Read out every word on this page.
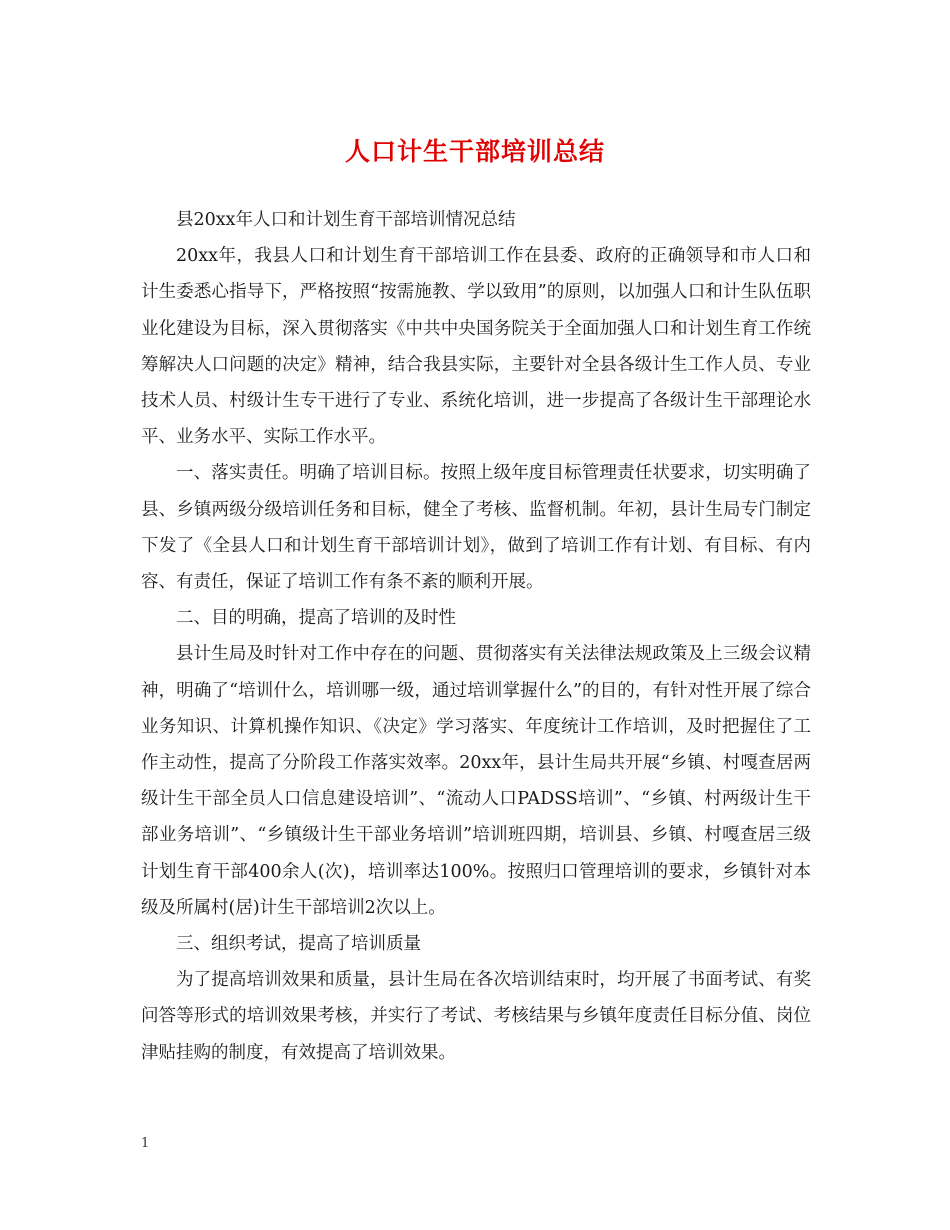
人口计生干部培训总结

县20xx年人口和计划生育干部培训情况总结

20xx年，我县人口和计划生育干部培训工作在县委、政府的正确领导和市人口和计生委悉心指导下，严格按照“按需施教、学以致用”的原则，以加强人口和计生队伍职业化建设为目标，深入贯彻落实《中共中央国务院关于全面加强人口和计划生育工作统筹解决人口问题的决定》精神，结合我县实际，主要针对全县各级计生工作人员、专业技术人员、村级计生专干进行了专业、系统化培训，进一步提高了各级计生干部理论水平、业务水平、实际工作水平。

一、落实责任。明确了培训目标。按照上级年度目标管理责任状要求，切实明确了县、乡镇两级分级培训任务和目标，健全了考核、监督机制。年初，县计生局专门制定下发了《全县人口和计划生育干部培训计划》，做到了培训工作有计划、有目标、有内容、有责任，保证了培训工作有条不紊的顺利开展。

二、目的明确，提高了培训的及时性

县计生局及时针对工作中存在的问题、贯彻落实有关法律法规政策及上三级会议精神，明确了“培训什么，培训哪一级，通过培训掌握什么”的目的，有针对性开展了综合业务知识、计算机操作知识、《决定》学习落实、年度统计工作培训，及时把握住了工作主动性，提高了分阶段工作落实效率。20xx年，县计生局共开展“乡镇、村嘎查居两级计生干部全员人口信息建设培训”、“流动人口PADSS培训”、“乡镇、村两级计生干部业务培训”、“乡镇级计生干部业务培训”培训班四期，培训县、乡镇、村嘎查居三级计划生育干部400余人(次)，培训率达100%。按照归口管理培训的要求，乡镇针对本级及所属村(居)计生干部培训2次以上。

三、组织考试，提高了培训质量

为了提高培训效果和质量，县计生局在各次培训结束时，均开展了书面考试、有奖问答等形式的培训效果考核，并实行了考试、考核结果与乡镇年度责任目标分值、岗位津贴挂购的制度，有效提高了培训效果。

1
